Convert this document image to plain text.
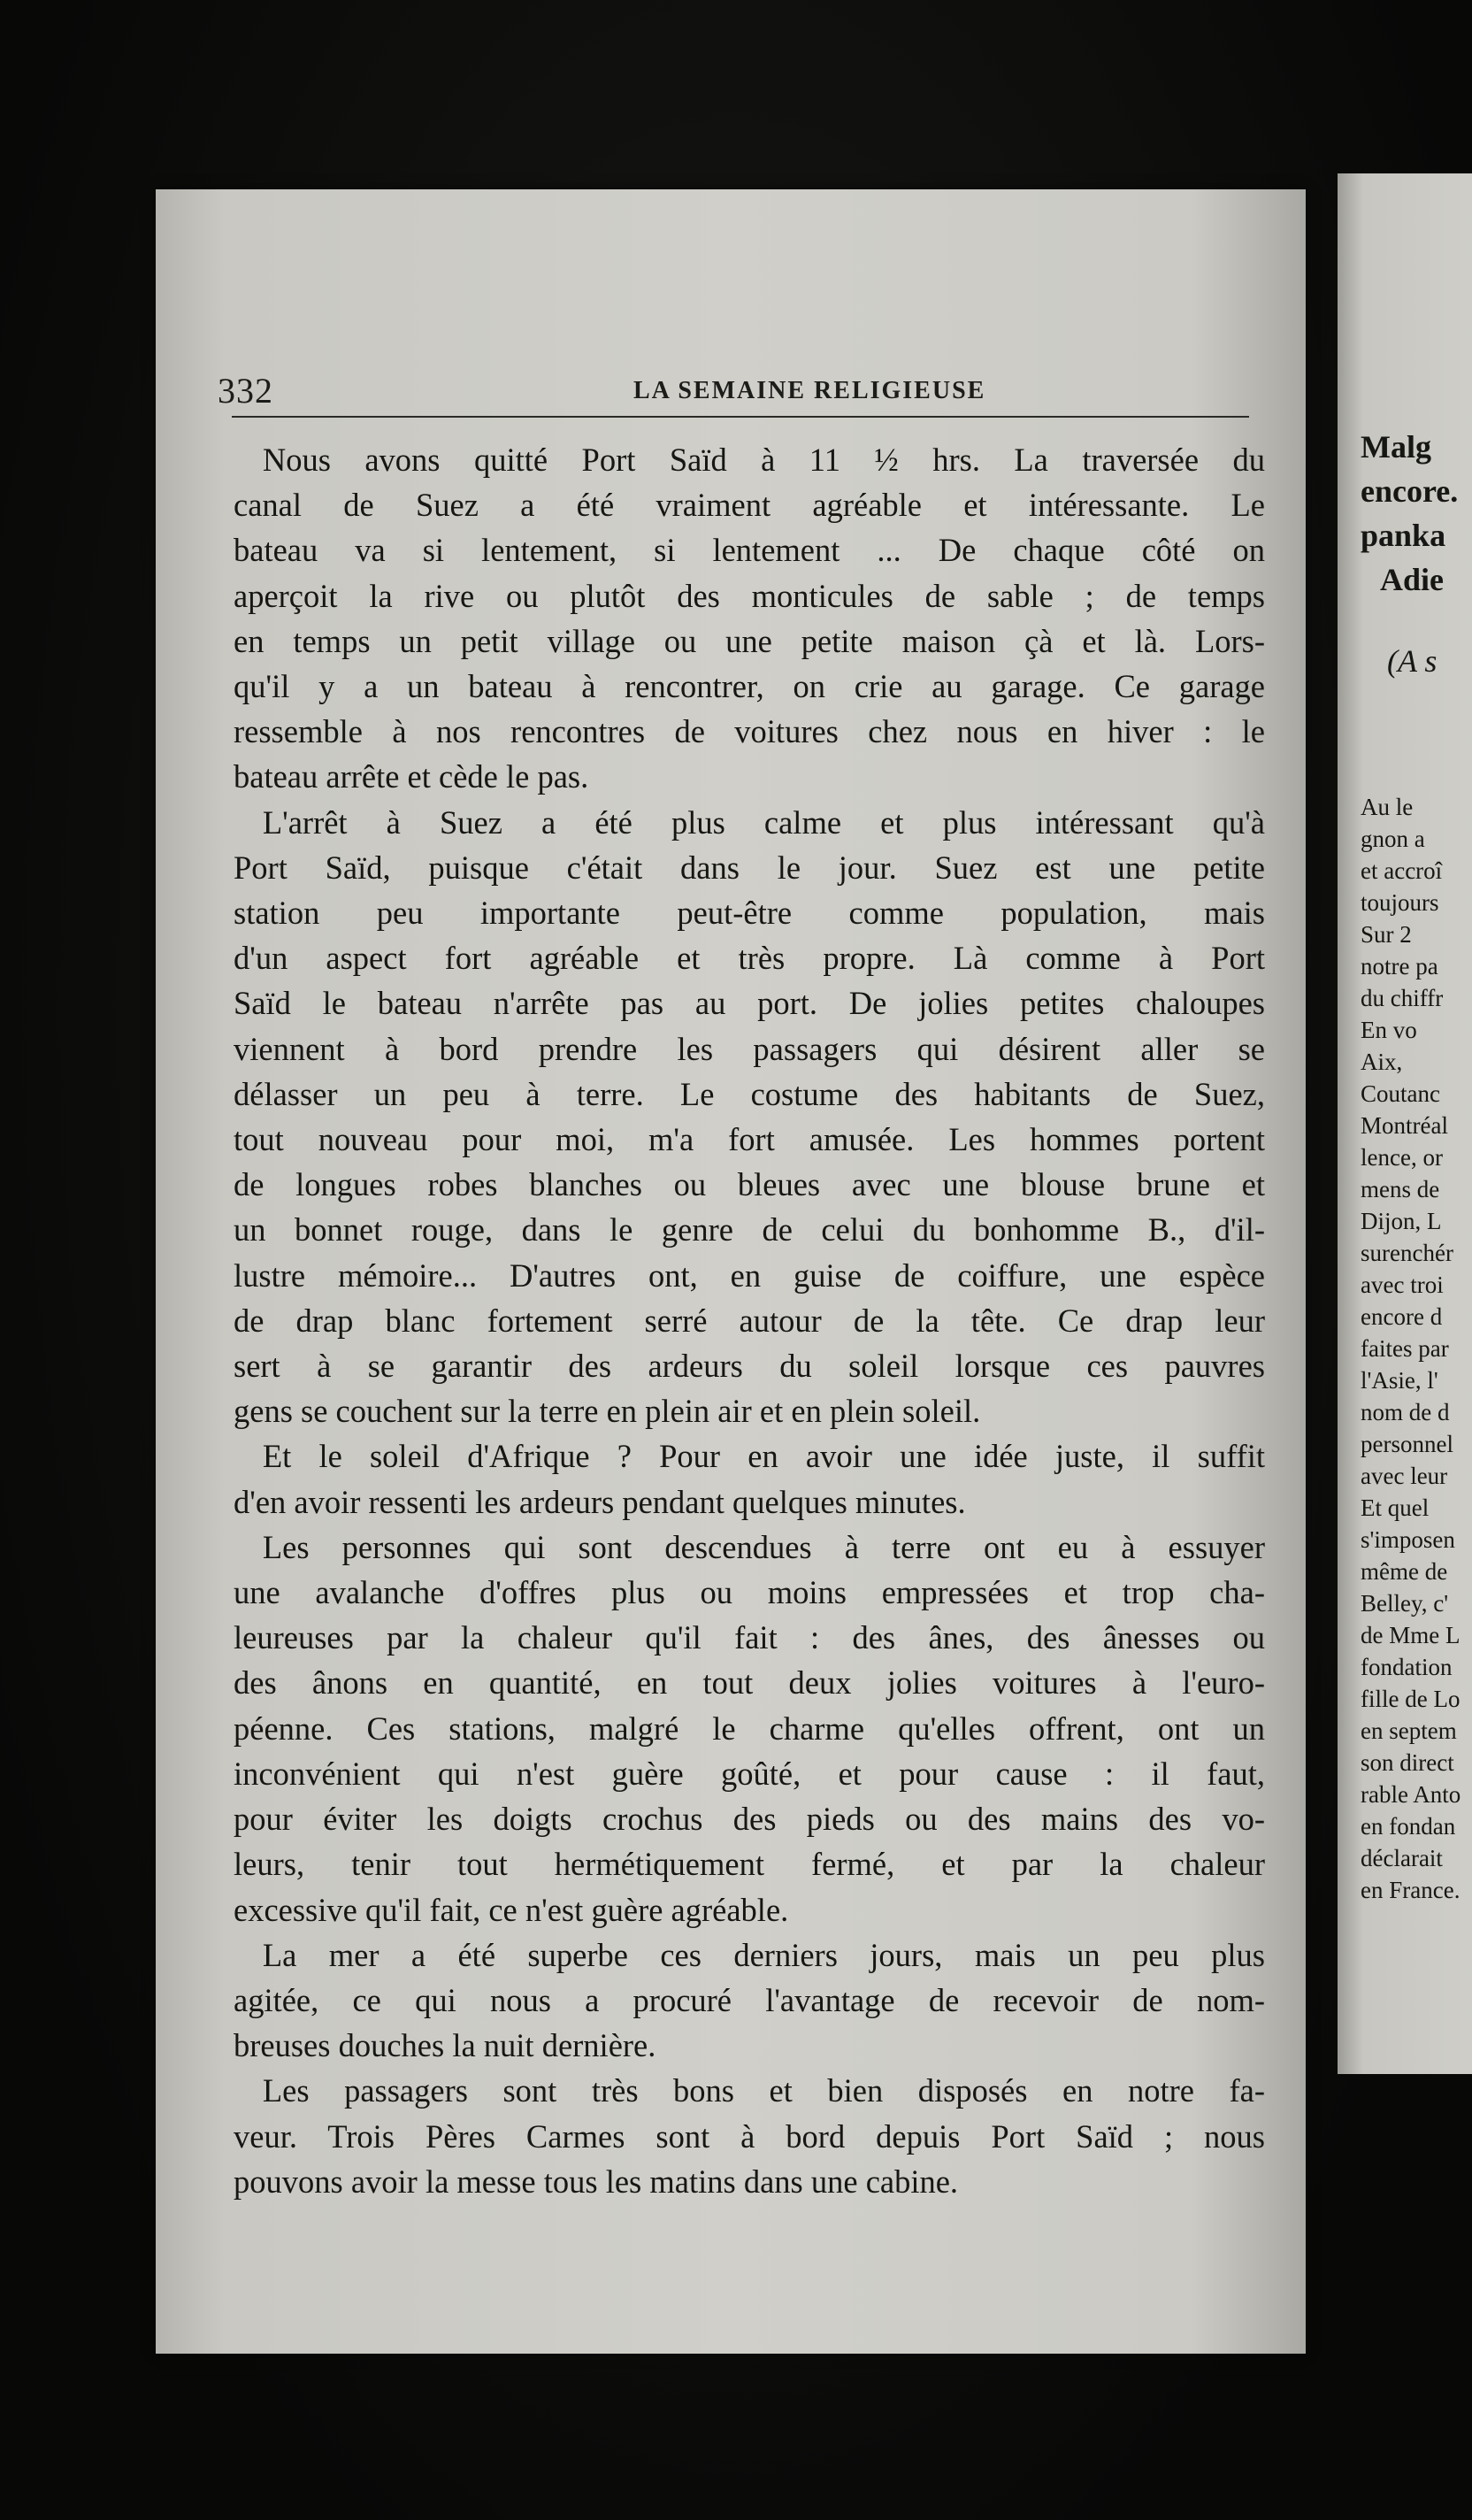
332	LA SEMAINE RELIGIEUSE
Nous avons quitté Port Saïd à 11 ½ hrs. La traversée du
canal de Suez a été vraiment agréable et intéressante. Le
bateau va si lentement, si lentement ... De chaque côté on
aperçoit la rive ou plutôt des monticules de sable ; de temps
en temps un petit village ou une petite maison çà et là. Lors-
qu'il y a un bateau à rencontrer, on crie au garage. Ce garage
ressemble à nos rencontres de voitures chez nous en hiver : le
bateau arrête et cède le pas.
L'arrêt à Suez a été plus calme et plus intéressant qu'à
Port Saïd, puisque c'était dans le jour. Suez est une petite
station peu importante peut-être comme population, mais
d'un aspect fort agréable et très propre. Là comme à Port
Saïd le bateau n'arrête pas au port. De jolies petites chaloupes
viennent à bord prendre les passagers qui désirent aller se
délasser un peu à terre. Le costume des habitants de Suez,
tout nouveau pour moi, m'a fort amusée. Les hommes portent
de longues robes blanches ou bleues avec une blouse brune et
un bonnet rouge, dans le genre de celui du bonhomme B., d'il-
lustre mémoire... D'autres ont, en guise de coiffure, une espèce
de drap blanc fortement serré autour de la tête. Ce drap leur
sert à se garantir des ardeurs du soleil lorsque ces pauvres
gens se couchent sur la terre en plein air et en plein soleil.
Et le soleil d'Afrique ? Pour en avoir une idée juste, il suffit
d'en avoir ressenti les ardeurs pendant quelques minutes.
Les personnes qui sont descendues à terre ont eu à essuyer
une avalanche d'offres plus ou moins empressées et trop cha-
leureuses par la chaleur qu'il fait : des ânes, des ânesses ou
des ânons en quantité, en tout deux jolies voitures à l'euro-
péenne. Ces stations, malgré le charme qu'elles offrent, ont un
inconvénient qui n'est guère goûté, et pour cause : il faut,
pour éviter les doigts crochus des pieds ou des mains des vo-
leurs, tenir tout hermétiquement fermé, et par la chaleur
excessive qu'il fait, ce n'est guère agréable.
La mer a été superbe ces derniers jours, mais un peu plus
agitée, ce qui nous a procuré l'avantage de recevoir de nom-
breuses douches la nuit dernière.
Les passagers sont très bons et bien disposés en notre fa-
veur. Trois Pères Carmes sont à bord depuis Port Saïd ; nous
pouvons avoir la messe tous les matins dans une cabine.
Malg
encore.
panka
Adie
(A s
Au le
gnon a
et accroî
toujours
Sur 2
notre pa
du chiffr
En vo
Aix,
Coutanc
Montréal
lence, or
mens de
Dijon, L
surenchér
avec troi
encore d
faites par
l'Asie, l'
nom de d
personnel
avec leur
Et quel
s'imposen
même de
Belley, c'
de Mme L
fondation
fille de Lo
en septem
son direct
rable Anto
en fondan
déclarait
en France.
